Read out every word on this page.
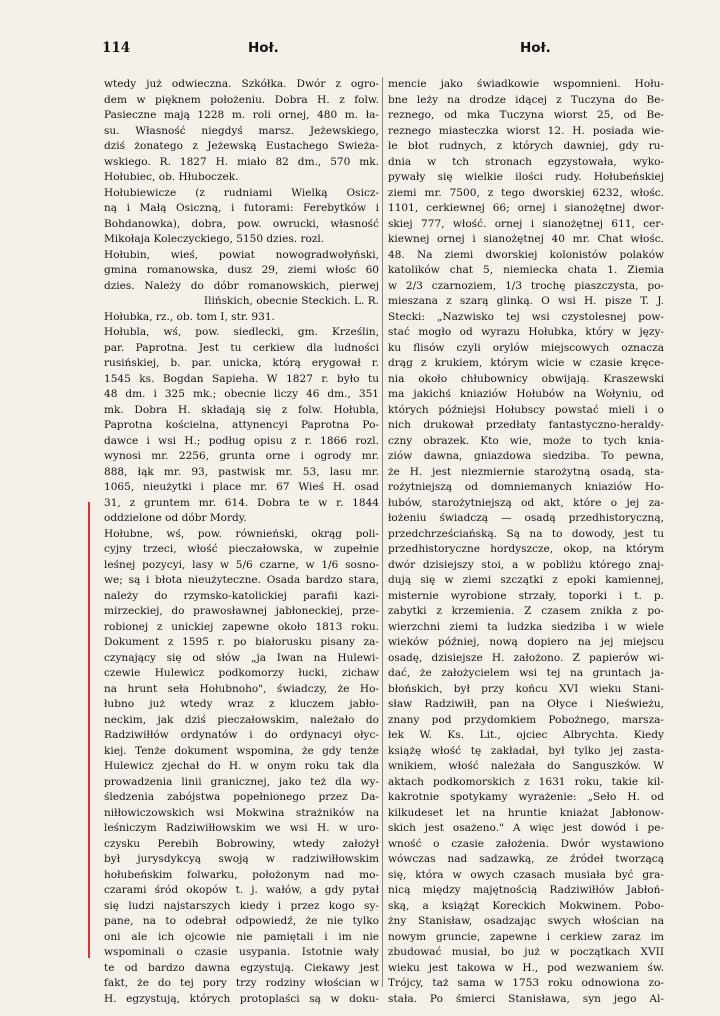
114	Hoł.	Hoł.
wtedy już odwieczna. Szkółka. Dwór z ogro-
dem w pięknem położeniu. Dobra H. z folw.
Pasieczne mają 1228 m. roli ornej, 480 m. ła-
su. Własność niegdyś marsz. Jeżewskiego,
dziś żonatego z Jeżewską Eustachego Swieża-
wskiego. R. 1827 H. miało 82 dm., 570 mk.
Hołubiec, ob. Hłuboczek.
Hołubiewicze (z rudniami Wielką Osicz-
ną i Małą Osiczną, i futorami: Ferebytków i
Bohdanowka), dobra, pow. owrucki, własność
Mikołaja Koleczyckiego, 5150 dzies. rozl.
Hołubin, wieś, powiat nowogradwołyński,
gmina romanowska, dusz 29, ziemi włośc 60
dzies. Należy do dóbr romanowskich, pierwej
Ilińskich, obecnie Steckich. L. R.
Hołubka, rz., ob. tom I, str. 931.
Hołubla, wś, pow. siedlecki, gm. Krześlin,
par. Paprotna. Jest tu cerkiew dla ludności
rusińskiej, b. par. unicka, którą erygował r.
1545 ks. Bogdan Sapieha. W 1827 r. było tu
48 dm. i 325 mk.; obecnie liczy 46 dm., 351
mk. Dobra H. składają się z folw. Hołubla,
Paprotna kościelna, attynencyi Paprotna Po-
dawce i wsi H.; podług opisu z r. 1866 rozl.
wynosi mr. 2256, grunta orne i ogrody mr.
888, łąk mr. 93, pastwisk mr. 53, lasu mr.
1065, nieużytki i place mr. 67 Wieś H. osad
31, z gruntem mr. 614. Dobra te w r. 1844
oddzielone od dóbr Mordy.
Hołubne, wś, pow. równieński, okrąg poli-
cyjny trzeci, włość pieczałowska, w zupełnie
leśnej pozycyi, lasy w 5/6 czarne, w 1/6 sosno-
we; są i błota nieużyteczne. Osada bardzo stara,
należy do rzymsko-katolickiej parafii kazi-
mirzeckiej, do prawosławnej jabłoneckiej, prze-
robionej z unickiej zapewne około 1813 roku.
Dokument z 1595 r. po białorusku pisany za-
czynający się od słów „ja Iwan na Hulewi-
czewie Hulewicz podkomorzy łucki, zichaw
na hrunt seła Hołubnoho", świadczy, że Ho-
łubno już wtedy wraz z kluczem jabło-
neckim, jak dziś pieczałowskim, należało do
Radziwiłłów ordynatów i do ordynacyi ołyc-
kiej. Tenże dokument wspomina, że gdy tenże
Hulewicz zjechał do H. w onym roku tak dla
prowadzenia linii granicznej, jako też dla wy-
śledzenia zabójstwa popełnionego przez Da-
niłłowiczowskich wsi Mokwina strażników na
leśniczym Radziwiłłowskim we wsi H. w uro-
czysku Perebih Bobrowiny, wtedy założył
był jurysdykcyą swoją w radziwiłłowskim
hołubeńskim folwarku, położonym nad mo-
czarami śród okopów t. j. wałów, a gdy pytał
się ludzi najstarszych kiedy i przez kogo sy-
pane, na to odebrał odpowiedź, że nie tylko
oni ale ich ojcowie nie pamiętali i im nie
wspominali o czasie usypania. Istotnie wały
te od bardzo dawna egzystują. Ciekawy jest
fakt, że do tej pory trzy rodziny włościan w
H. egzystują, których protoplaści są w doku-
mencie jako świadkowie wspomnieni. Hołu-
bne leży na drodze idącej z Tuczyna do Be-
reznego, od mka Tuczyna wiorst 25, od Be-
reznego miasteczka wiorst 12. H. posiada wie-
le błot rudnych, z których dawniej, gdy ru-
dnia w tch stronach egzystowała, wyko-
pywały się wielkie ilości rudy. Hołubeńskiej
ziemi mr. 7500, z tego dworskiej 6232, włośc.
1101, cerkiewnej 66; ornej i sianożętnej dwor-
skiej 777, włość. ornej i sianożętnej 611, cer-
kiewnej ornej i sianożętnej 40 mr. Chat włośc.
48. Na ziemi dworskiej kolonistów polaków
katolików chat 5, niemiecka chata 1. Ziemia
w 2/3 czarnoziem, 1/3 trochę piaszczysta, po-
mieszana z szarą glinką. O wsi H. pisze T. J.
Stecki: „Nazwisko tej wsi czystolesnej pow-
stać mogło od wyrazu Hołubka, który w języ-
ku flisów czyli orylów miejscowych oznacza
drąg z krukiem, którym wicie w czasie kręce-
nia około chłubownicy obwijają. Kraszewski
ma jakichś kniaziów Hołubów na Wołyniu, od
których późniejsi Hołubscy powstać mieli i o
nich drukował przedłaty fantastyczno-heraldy-
czny obrazek. Kto wie, może to tych knia-
ziów dawna, gniazdowa siedziba. To pewna,
że H. jest niezmiernie starożytną osadą, sta-
rożytniejszą od domniemanych kniaziów Ho-
łubów, starożytniejszą od akt, które o jej za-
łożeniu świadczą — osadą przedhistoryczną,
przedchrześciańską. Są na to dowody, jest tu
przedhistoryczne hordyszcze, okop, na którym
dwór dzisiejszy stoi, a w pobliżu którego znaj-
dują się w ziemi szczątki z epoki kamiennej,
misternie wyrobione strzały, toporki i t. p.
zabytki z krzemienia. Z czasem znikła z po-
wierzchni ziemi ta ludzka siedziba i w wiele
wieków później, nową dopiero na jej miejscu
osadę, dzisiejsze H. założono. Z papierów wi-
dać, że założycielem wsi tej na gruntach ja-
błońskich, był przy końcu XVI wieku Stani-
sław Radziwiłł, pan na Ołyce i Nieświeżu,
znany pod przydomkiem Pobożnego, marsza-
łek W. Ks. Lit., ojciec Albrychta. Kiedy
książę włość tę zakładał, był tylko jej zasta-
wnikiem, włość należała do Sanguszków. W
aktach podkomorskich z 1631 roku, takie kil-
kakrotnie spotykamy wyrażenie: „Seło H. od
kilkudeset let na hruntie kniażat Jabłonow-
skich jest osażeno." A więc jest dowód i pe-
wność o czasie założenia. Dwór wystawiono
wówczas nad sadzawką, ze źródeł tworzącą
się, która w owych czasach musiała być gra-
nicą między majętnością Radziwiłłów Jabłoń-
ską, a książąt Koreckich Mokwinem. Pobo-
żny Stanisław, osadzając swych włościan na
nowym gruncie, zapewne i cerkiew zaraz im
zbudować musiał, bo już w początkach XVII
wieku jest takowa w H., pod wezwaniem św.
Trójcy, taż sama w 1753 roku odnowiona zo-
stała. Po śmierci Stanisława, syn jego Al-
